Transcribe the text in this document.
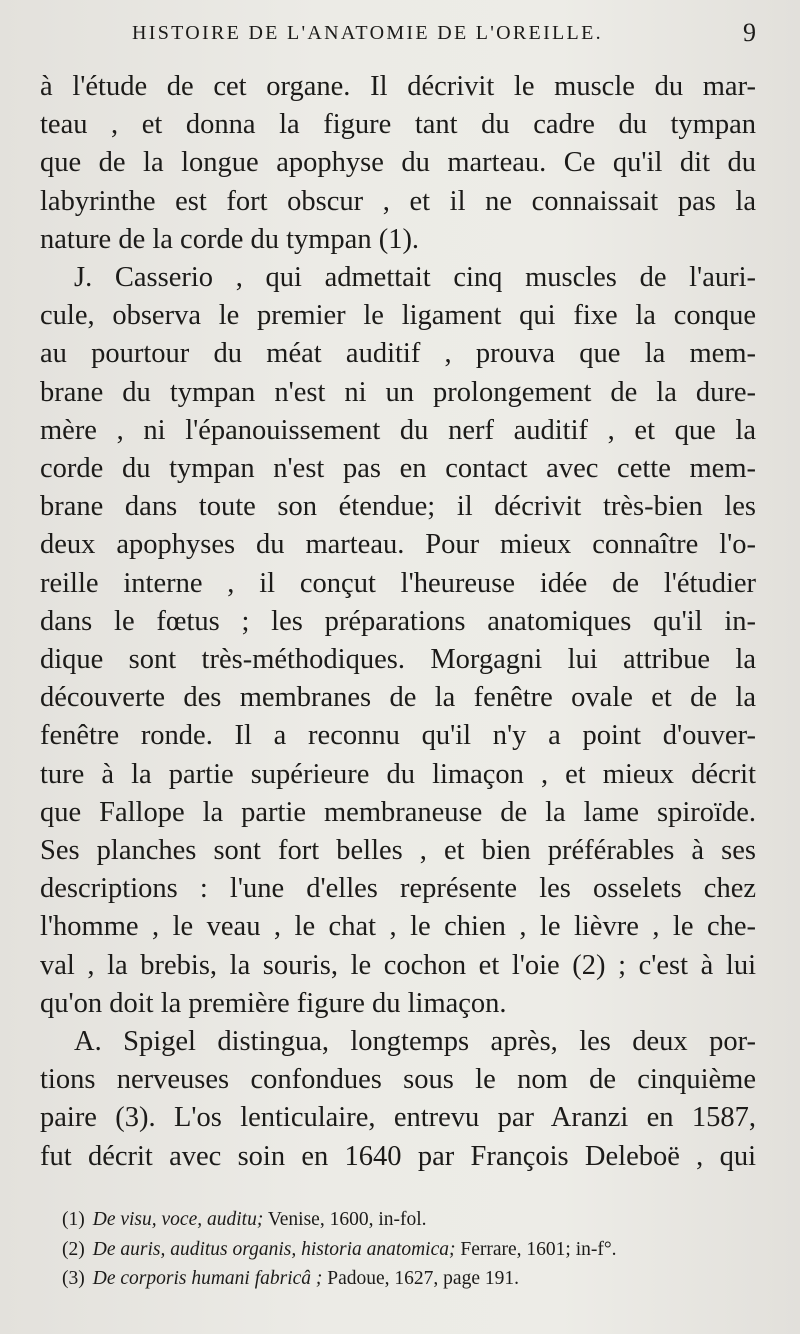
HISTOIRE DE L'ANATOMIE DE L'OREILLE.	9
à l'étude de cet organe. Il décrivit le muscle du mar-
teau , et donna la figure tant du cadre du tympan
que de la longue apophyse du marteau. Ce qu'il dit du
labyrinthe est fort obscur , et il ne connaissait pas la
nature de la corde du tympan (1).
J. Casserio , qui admettait cinq muscles de l'auri-
cule, observa le premier le ligament qui fixe la conque
au pourtour du méat auditif , prouva que la mem-
brane du tympan n'est ni un prolongement de la dure-
mère , ni l'épanouissement du nerf auditif , et que la
corde du tympan n'est pas en contact avec cette mem-
brane dans toute son étendue; il décrivit très-bien les
deux apophyses du marteau. Pour mieux connaître l'o-
reille interne , il conçut l'heureuse idée de l'étudier
dans le fœtus ; les préparations anatomiques qu'il in-
dique sont très-méthodiques. Morgagni lui attribue la
découverte des membranes de la fenêtre ovale et de la
fenêtre ronde. Il a reconnu qu'il n'y a point d'ouver-
ture à la partie supérieure du limaçon , et mieux décrit
que Fallope la partie membraneuse de la lame spiroïde.
Ses planches sont fort belles , et bien préférables à ses
descriptions : l'une d'elles représente les osselets chez
l'homme , le veau , le chat , le chien , le lièvre , le che-
val , la brebis, la souris, le cochon et l'oie (2) ; c'est à lui
qu'on doit la première figure du limaçon.
A. Spigel distingua, longtemps après, les deux por-
tions nerveuses confondues sous le nom de cinquième
paire (3). L'os lenticulaire, entrevu par Aranzi en 1587,
fut décrit avec soin en 1640 par François Deleboë , qui
(1) De visu, voce, auditu; Venise, 1600, in-fol.
(2) De auris, auditus organis, historia anatomica; Ferrare, 1601; in-f°.
(3) De corporis humani fabricâ ; Padoue, 1627, page 191.
